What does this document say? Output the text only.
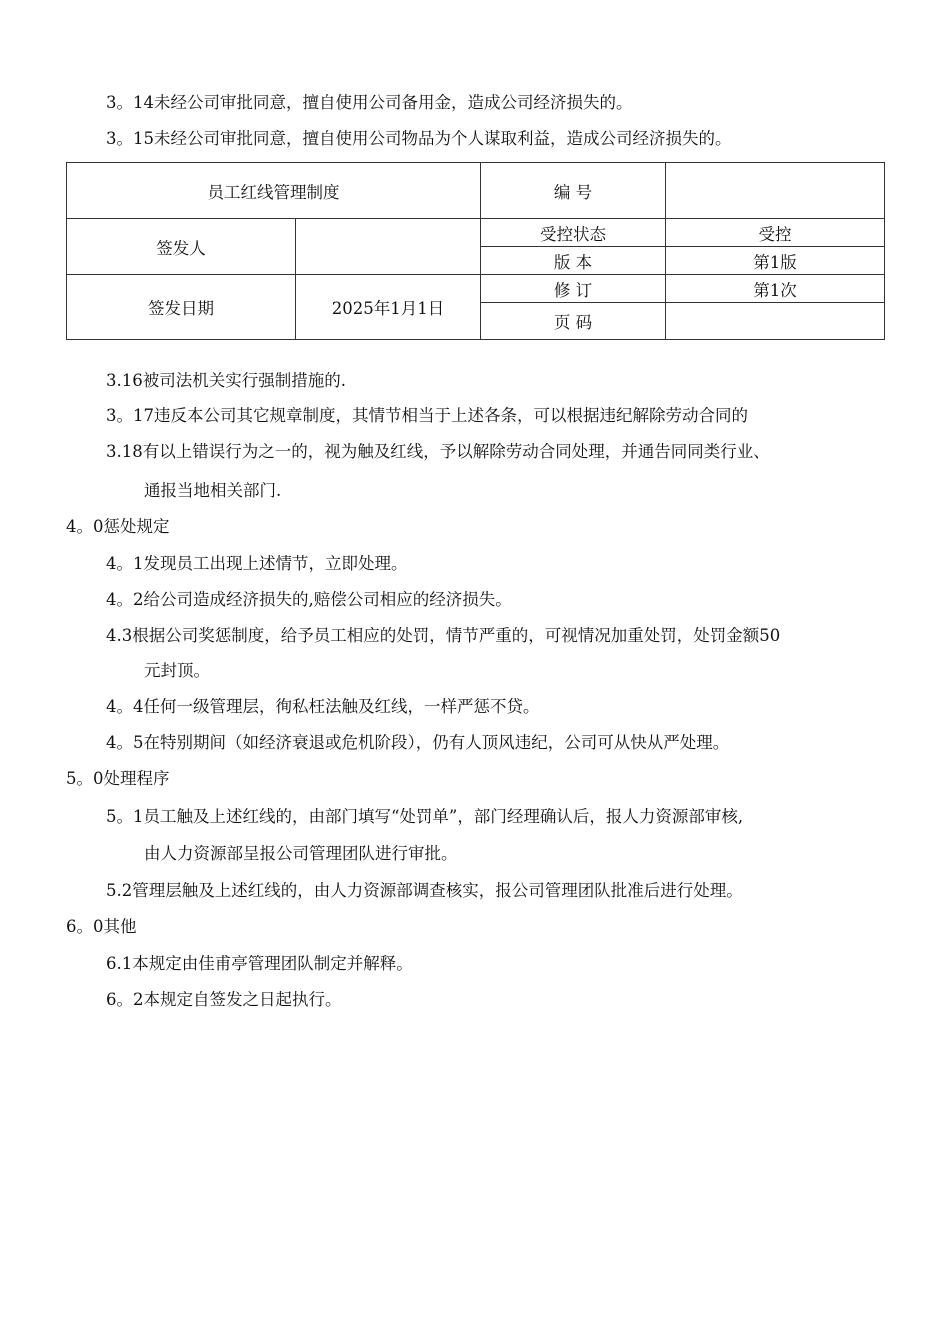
3。14未经公司审批同意，擅自使用公司备用金，造成公司经济损失的。
3。15未经公司审批同意，擅自使用公司物品为个人谋取利益，造成公司经济损失的。
员工红线管理制度		编 号	
签发人		受控状态	受控
		版 本	第1版
签发日期	2025年1月1日	修 订	第1次
		页 码	
3.16被司法机关实行强制措施的.
3。17违反本公司其它规章制度，其情节相当于上述各条，可以根据违纪解除劳动合同的
3.18有以上错误行为之一的，视为触及红线，予以解除劳动合同处理，并通告同同类行业、
通报当地相关部门.
4。0惩处规定
4。1发现员工出现上述情节，立即处理。
4。2给公司造成经济损失的,赔偿公司相应的经济损失。
4.3根据公司奖惩制度，给予员工相应的处罚，情节严重的，可视情况加重处罚，处罚金额50
元封顶。
4。4任何一级管理层，徇私枉法触及红线，一样严惩不贷。
4。5在特别期间（如经济衰退或危机阶段），仍有人顶风违纪，公司可从快从严处理。
5。0处理程序
5。1员工触及上述红线的，由部门填写“处罚单”，部门经理确认后，报人力资源部审核,
由人力资源部呈报公司管理团队进行审批。
5.2管理层触及上述红线的，由人力资源部调查核实，报公司管理团队批准后进行处理。
6。0其他
6.1本规定由佳甫亭管理团队制定并解释。
6。2本规定自签发之日起执行。
